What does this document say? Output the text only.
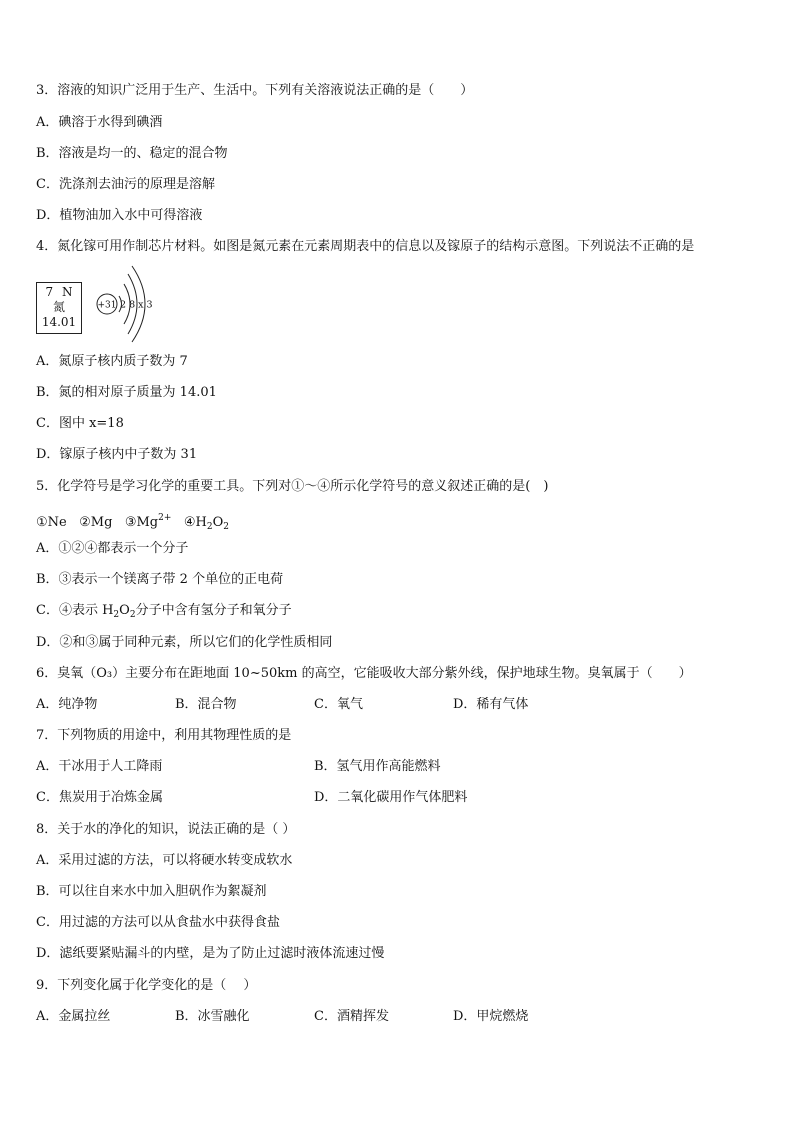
3．溶液的知识广泛用于生产、生活中。下列有关溶液说法正确的是（　　）
A．碘溶于水得到碘酒
B．溶液是均一的、稳定的混合物
C．洗涤剂去油污的原理是溶解
D．植物油加入水中可得溶液
4．氮化镓可用作制芯片材料。如图是氮元素在元素周期表中的信息以及镓原子的结构示意图。下列说法不正确的是
7 N
氮
14.01
+31 2 8 x 3
A．氮原子核内质子数为 7
B．氮的相对原子质量为 14.01
C．图中 x=18
D．镓原子核内中子数为 31
5．化学符号是学习化学的重要工具。下列对①～④所示化学符号的意义叙述正确的是(　)
①Ne ②Mg $③Mg^{2+}$ $④H_2O_2$
A．①②④都表示一个分子
B．③表示一个镁离子带 2 个单位的正电荷
C．④表示 $H_2O_2$分子中含有氢分子和氧分子
D．②和③属于同种元素，所以它们的化学性质相同
6．臭氧（O₃）主要分布在距地面 10~50km 的高空，它能吸收大部分紫外线，保护地球生物。臭氧属于（　　）
A．纯净物	B．混合物	C．氧气	D．稀有气体
7．下列物质的用途中，利用其物理性质的是
A．干冰用于人工降雨	B．氢气用作高能燃料
C．焦炭用于冶炼金属	D．二氧化碳用作气体肥料
8．关于水的净化的知识，说法正确的是（ ）
A．采用过滤的方法，可以将硬水转变成软水
B．可以往自来水中加入胆矾作为絮凝剂
C．用过滤的方法可以从食盐水中获得食盐
D．滤纸要紧贴漏斗的内壁，是为了防止过滤时液体流速过慢
9．下列变化属于化学变化的是（　 ）
A．金属拉丝	B．冰雪融化	C．酒精挥发	D．甲烷燃烧
